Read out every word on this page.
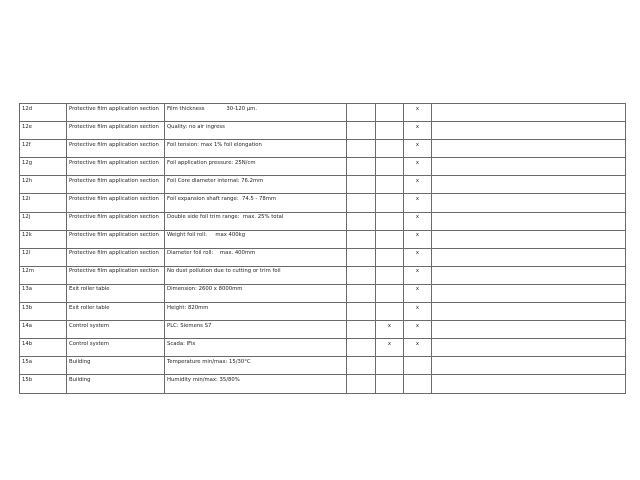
12d	Protective film application section	Film thickness             30-120 µm.			x	
12e	Protective film application section	Quality: no air ingress			x	
12f	Protective film application section	Foil tension: max 1% foil elongation			x	
12g	Protective film application section	Foil application pressure: 25N/cm			x	
12h	Protective film application section	Foil Core diameter internal: 76.2mm			x	
12i	Protective film application section	Foil expansion shaft range:  74.5 - 78mm			x	
12j	Protective film application section	Double side foil trim range:  max. 25% total			x	
12k	Protective film application section	Weight foil roll:     max 400kg			x	
12l	Protective film application section	Diameter foil roll:    max. 400mm			x	
12m	Protective film application section	No dust pollution due to cutting or trim foil			x	
13a	Exit roller table	Dimension: 2600 x 8000mm			x	
13b	Exit roller table	Height: 820mm			x	
14a	Control system	PLC: Siemens S7		x	x	
14b	Control system	Scada: IFix		x	x	
15a	Building	Temperature min/max: 15/30°C				
15b	Building	Humidity min/max: 35/80%				
